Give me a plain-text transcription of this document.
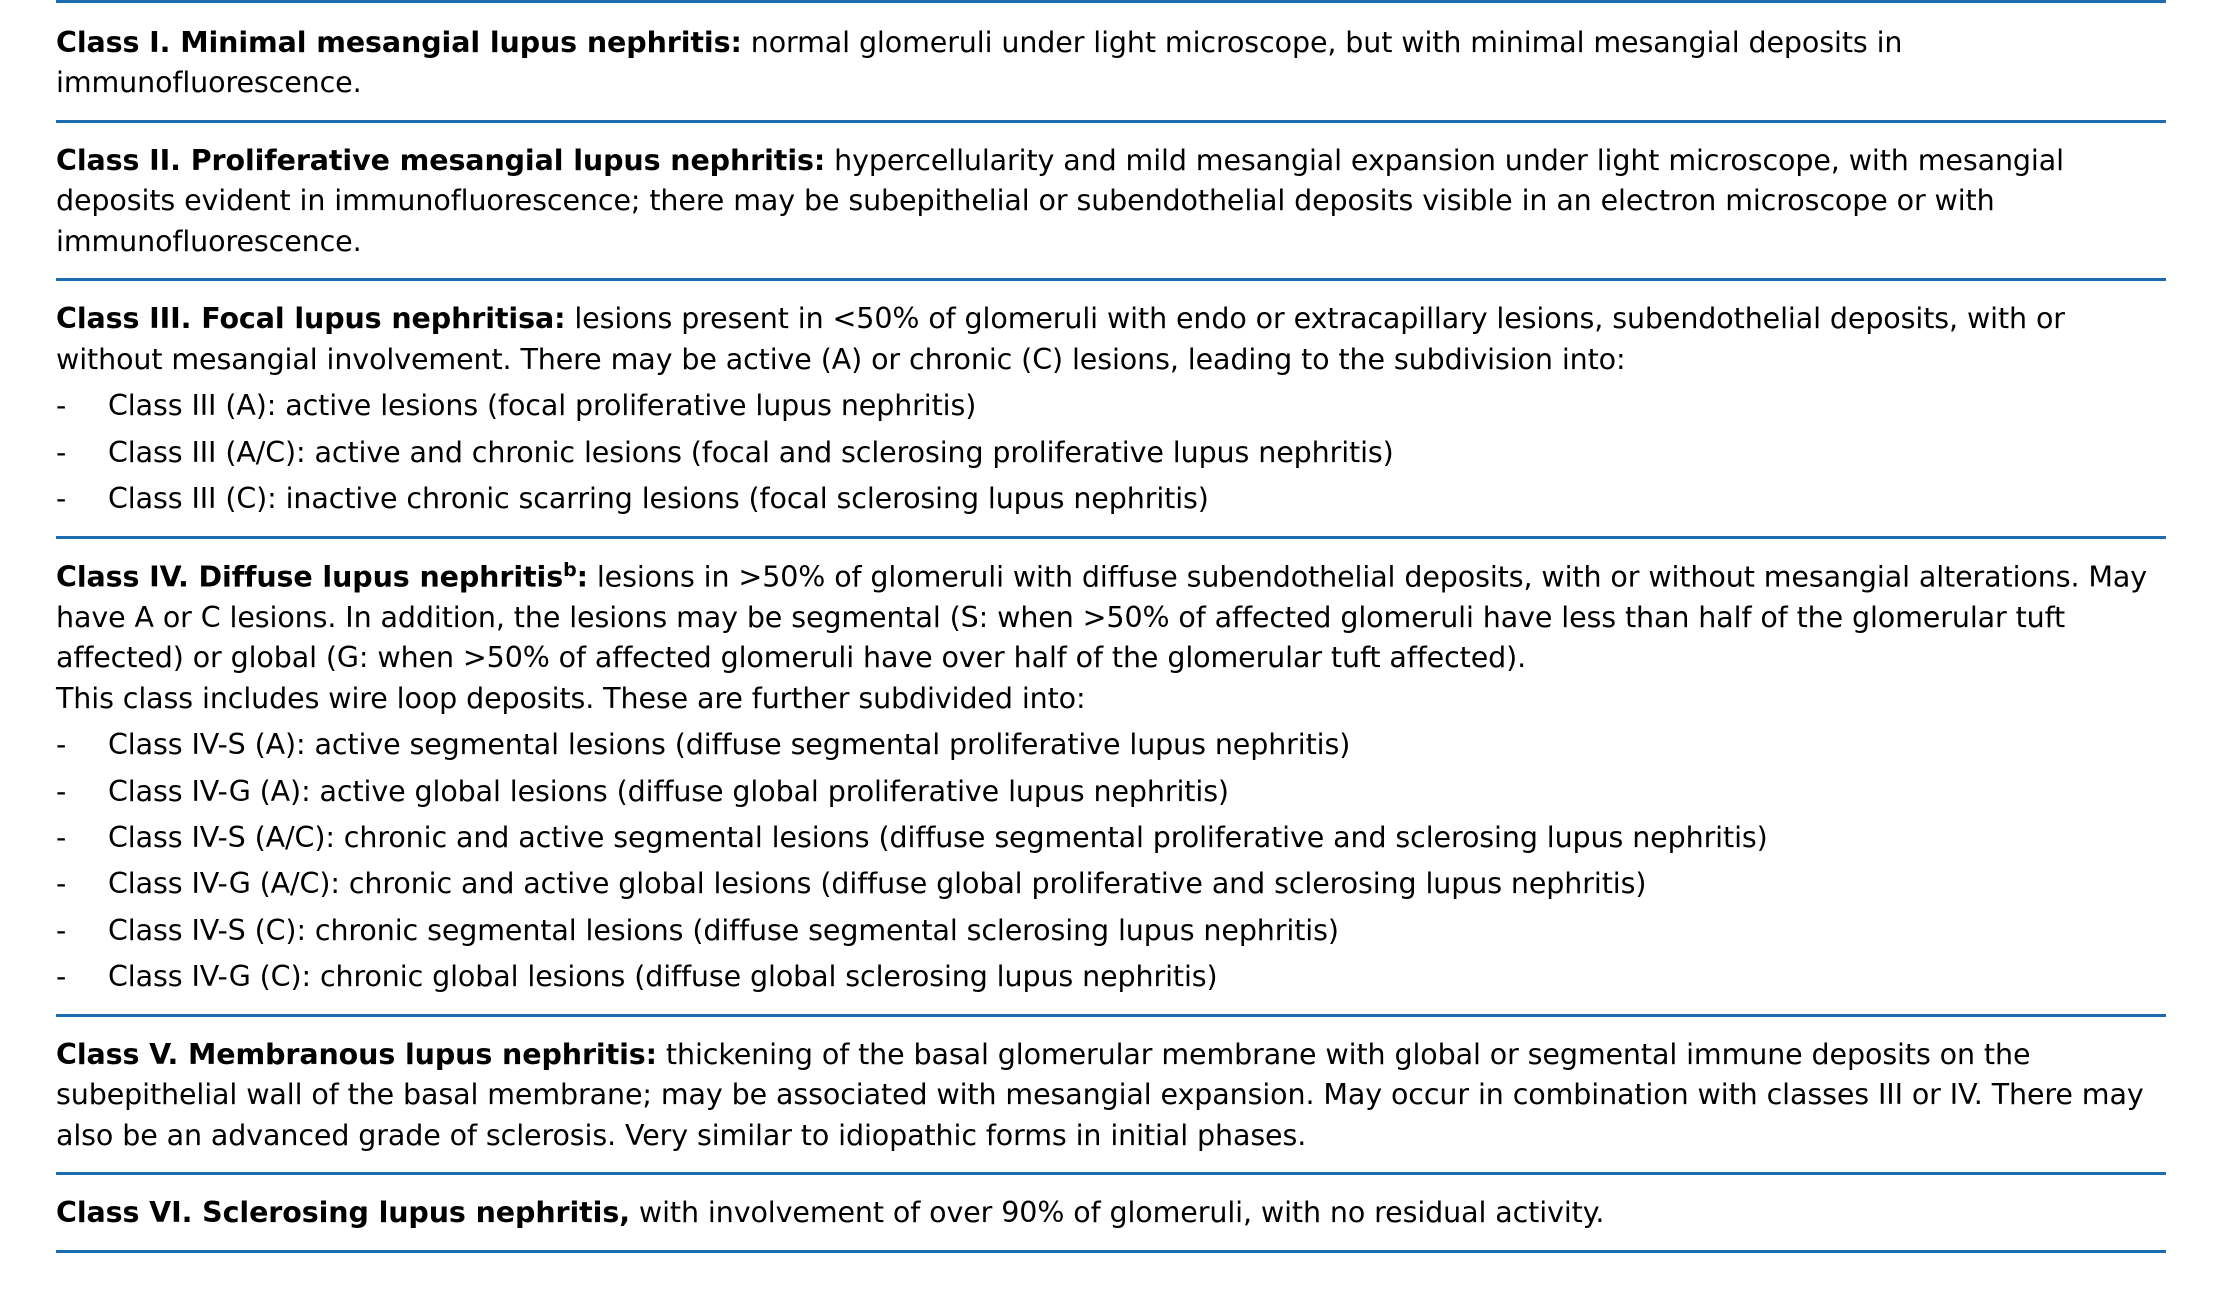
Class I. Minimal mesangial lupus nephritis: normal glomeruli under light microscope, but with minimal mesangial deposits in immunofluorescence.

Class II. Proliferative mesangial lupus nephritis: hypercellularity and mild mesangial expansion under light microscope, with mesangial deposits evident in immunofluorescence; there may be subepithelial or subendothelial deposits visible in an electron microscope or with immunofluorescence.

Class III. Focal lupus nephritisa: lesions present in <50% of glomeruli with endo or extracapillary lesions, subendothelial deposits, with or without mesangial involvement. There may be active (A) or chronic (C) lesions, leading to the subdivision into:

-	Class III (A): active lesions (focal proliferative lupus nephritis)
-	Class III (A/C): active and chronic lesions (focal and sclerosing proliferative lupus nephritis)
-	Class III (C): inactive chronic scarring lesions (focal sclerosing lupus nephritis)

Class IV. Diffuse lupus nephritis$^b$: lesions in >50% of glomeruli with diffuse subendothelial deposits, with or without mesangial alterations. May have A or C lesions. In addition, the lesions may be segmental (S: when >50% of affected glomeruli have less than half of the glomerular tuft affected) or global (G: when >50% of affected glomeruli have over half of the glomerular tuft affected).

This class includes wire loop deposits. These are further subdivided into:

-	Class IV-S (A): active segmental lesions (diffuse segmental proliferative lupus nephritis)
-	Class IV-G (A): active global lesions (diffuse global proliferative lupus nephritis)
-	Class IV-S (A/C): chronic and active segmental lesions (diffuse segmental proliferative and sclerosing lupus nephritis)
-	Class IV-G (A/C): chronic and active global lesions (diffuse global proliferative and sclerosing lupus nephritis)
-	Class IV-S (C): chronic segmental lesions (diffuse segmental sclerosing lupus nephritis)
-	Class IV-G (C): chronic global lesions (diffuse global sclerosing lupus nephritis)

Class V. Membranous lupus nephritis: thickening of the basal glomerular membrane with global or segmental immune deposits on the subepithelial wall of the basal membrane; may be associated with mesangial expansion. May occur in combination with classes III or IV. There may also be an advanced grade of sclerosis. Very similar to idiopathic forms in initial phases.

Class VI. Sclerosing lupus nephritis, with involvement of over 90% of glomeruli, with no residual activity.
